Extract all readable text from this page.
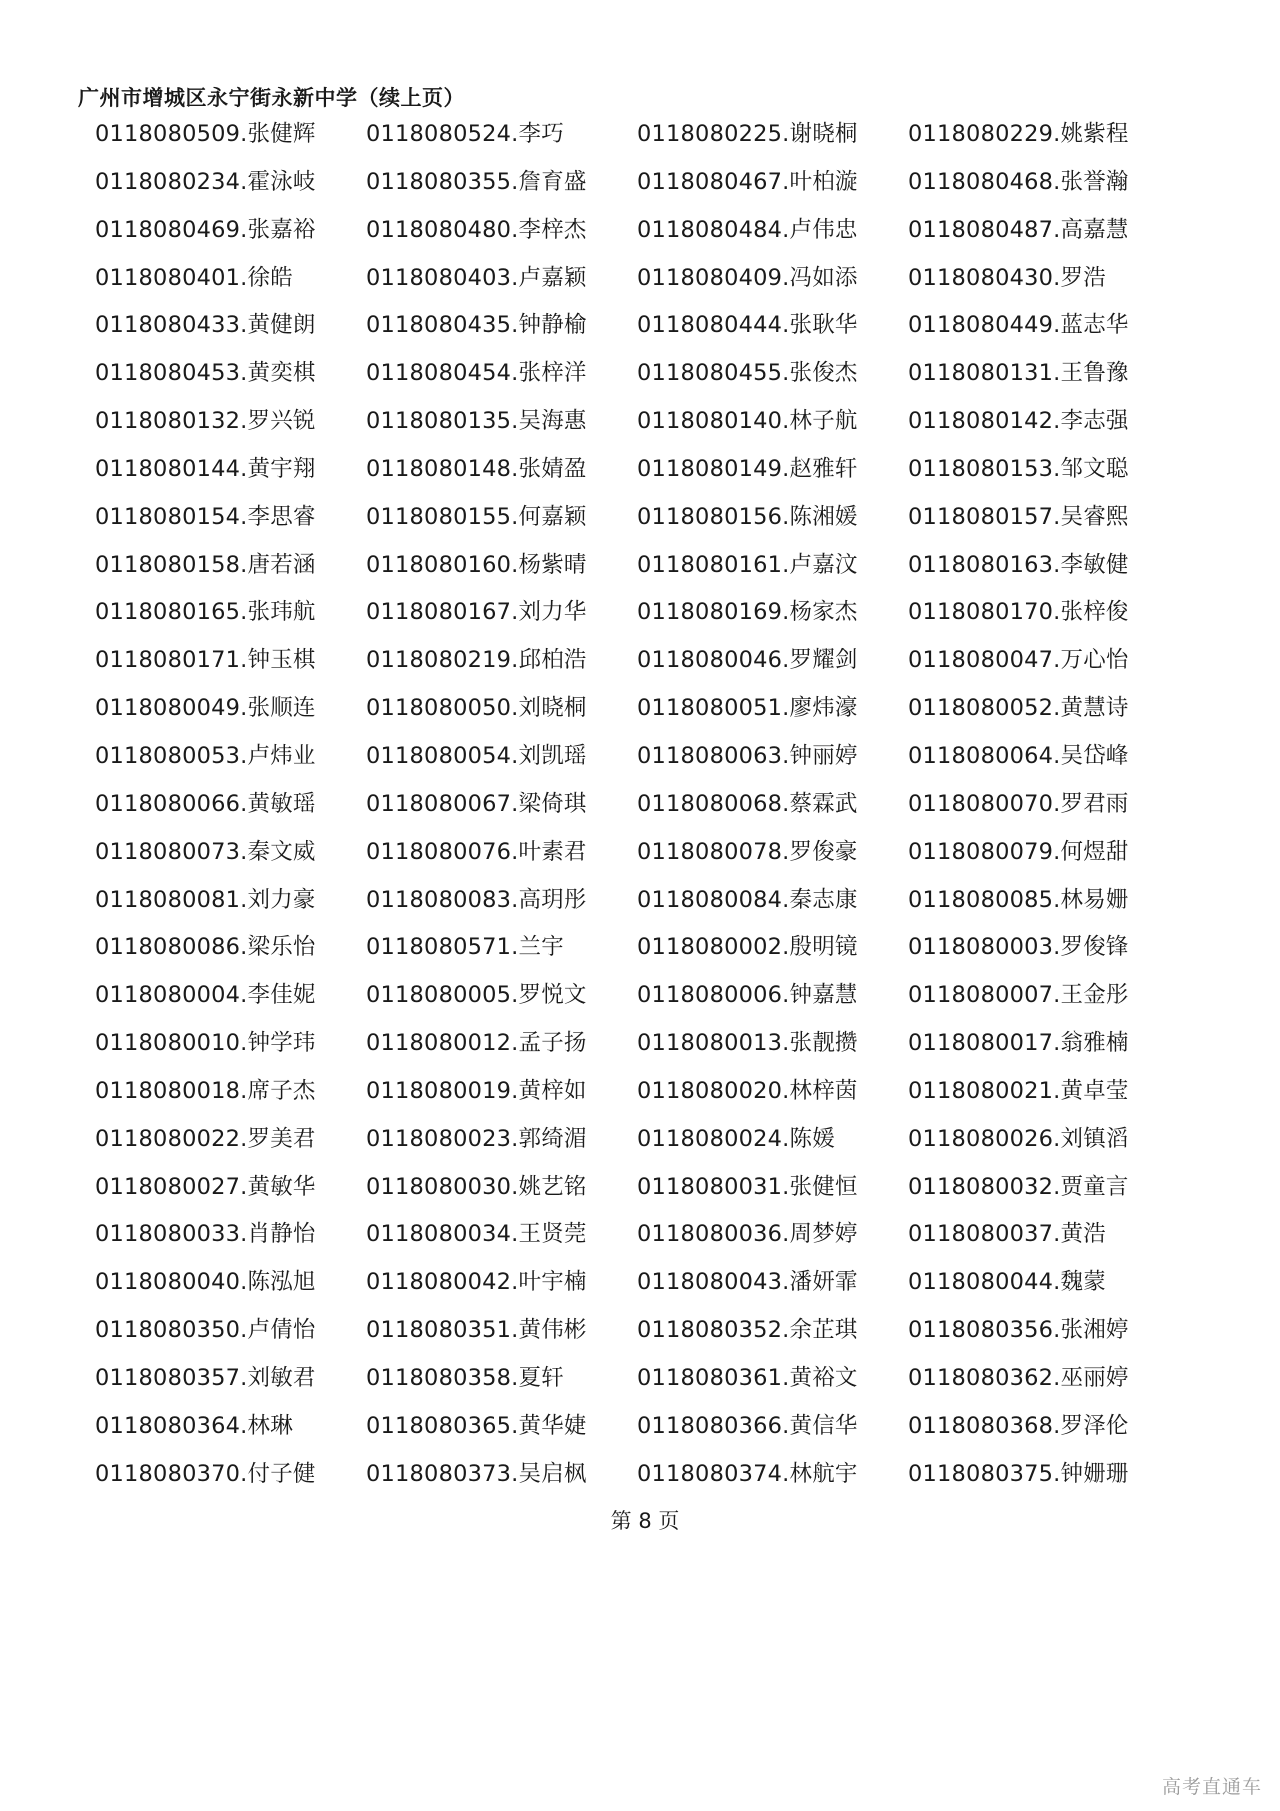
广州市增城区永宁街永新中学（续上页）
0118080509.张健辉	0118080524.李巧	0118080225.谢晓桐	0118080229.姚紫程
0118080234.霍泳岐	0118080355.詹育盛	0118080467.叶柏漩	0118080468.张誉瀚
0118080469.张嘉裕	0118080480.李梓杰	0118080484.卢伟忠	0118080487.高嘉慧
0118080401.徐皓	0118080403.卢嘉颖	0118080409.冯如添	0118080430.罗浩
0118080433.黄健朗	0118080435.钟静榆	0118080444.张耿华	0118080449.蓝志华
0118080453.黄奕棋	0118080454.张梓洋	0118080455.张俊杰	0118080131.王鲁豫
0118080132.罗兴锐	0118080135.吴海惠	0118080140.林子航	0118080142.李志强
0118080144.黄宇翔	0118080148.张婧盈	0118080149.赵雅轩	0118080153.邹文聪
0118080154.李思睿	0118080155.何嘉颖	0118080156.陈湘媛	0118080157.吴睿熙
0118080158.唐若涵	0118080160.杨紫晴	0118080161.卢嘉汶	0118080163.李敏健
0118080165.张玮航	0118080167.刘力华	0118080169.杨家杰	0118080170.张梓俊
0118080171.钟玉棋	0118080219.邱柏浩	0118080046.罗耀剑	0118080047.万心怡
0118080049.张顺连	0118080050.刘晓桐	0118080051.廖炜濠	0118080052.黄慧诗
0118080053.卢炜业	0118080054.刘凯瑶	0118080063.钟丽婷	0118080064.吴岱峰
0118080066.黄敏瑶	0118080067.梁倚琪	0118080068.蔡霖武	0118080070.罗君雨
0118080073.秦文威	0118080076.叶素君	0118080078.罗俊豪	0118080079.何煜甜
0118080081.刘力豪	0118080083.高玥彤	0118080084.秦志康	0118080085.林易姗
0118080086.梁乐怡	0118080571.兰宇	0118080002.殷明镜	0118080003.罗俊锋
0118080004.李佳妮	0118080005.罗悦文	0118080006.钟嘉慧	0118080007.王金彤
0118080010.钟学玮	0118080012.孟子扬	0118080013.张靓攒	0118080017.翁雅楠
0118080018.席子杰	0118080019.黄梓如	0118080020.林梓茵	0118080021.黄卓莹
0118080022.罗美君	0118080023.郭绮湄	0118080024.陈媛	0118080026.刘镇滔
0118080027.黄敏华	0118080030.姚艺铭	0118080031.张健恒	0118080032.贾童言
0118080033.肖静怡	0118080034.王贤莞	0118080036.周梦婷	0118080037.黄浩
0118080040.陈泓旭	0118080042.叶宇楠	0118080043.潘妍霏	0118080044.魏蒙
0118080350.卢倩怡	0118080351.黄伟彬	0118080352.余芷琪	0118080356.张湘婷
0118080357.刘敏君	0118080358.夏轩	0118080361.黄裕文	0118080362.巫丽婷
0118080364.林琳	0118080365.黄华婕	0118080366.黄信华	0118080368.罗泽伦
0118080370.付子健	0118080373.吴启枫	0118080374.林航宇	0118080375.钟姗珊
第 8 页
高考直通车
